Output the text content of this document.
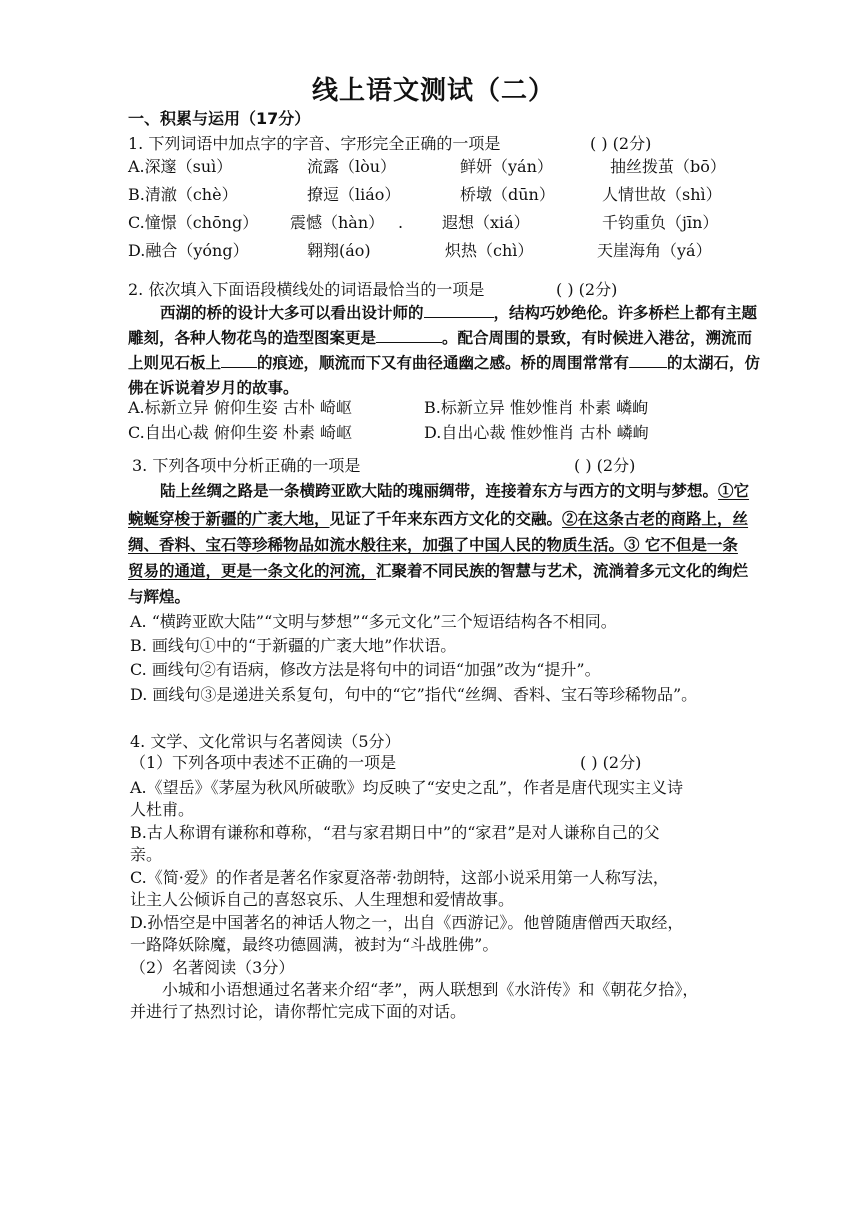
线上语文测试（二）
一、积累与运用（17分）
1. 下列词语中加点字的字音、字形完全正确的一项是	( ) (2分)
A.深邃（suì）	流露（lòu）	鲜妍（yán）	抽丝拨茧（bō）
B.清澈（chè）	撩逗（liáo）	桥墩（dūn）	人情世故（shì）
C.憧憬（chōng） 震憾（hàn） . 遐想（xiá）	千钧重负（jīn）
D.融合（yóng）	翱翔(áo)	炽热（chì）	天崖海角（yá）
2. 依次填入下面语段横线处的词语最恰当的一项是	( ) (2分)
西湖的桥的设计大多可以看出设计师的	，结构巧妙绝伦。许多桥栏上都有主题
雕刻，各种人物花鸟的造型图案更是	。配合周围的景致，有时候进入港岔，溯流而
上则见石板上 的痕迹，顺流而下又有曲径通幽之感。桥的周围常常有 的太湖石，仿
佛在诉说着岁月的故事。
A.标新立异 俯仰生姿 古朴 崎岖	B.标新立异 惟妙惟肖 朴素 嶙峋
C.自出心裁 俯仰生姿 朴素 崎岖	D.自出心裁 惟妙惟肖 古朴 嶙峋
3. 下列各项中分析正确的一项是	( ) (2分)
陆上丝绸之路是一条横跨亚欧大陆的瑰丽绸带，连接着东方与西方的文明与梦想。①它
蜿蜒穿梭于新疆的广袤大地，见证了千年来东西方文化的交融。②在这条古老的商路上，丝
绸、香料、宝石等珍稀物品如流水般往来，加强了中国人民的物质生活。③ 它不但是一条
贸易的通道，更是一条文化的河流，汇聚着不同民族的智慧与艺术，流淌着多元文化的绚烂
与辉煌。
A. “横跨亚欧大陆”“文明与梦想”“多元文化”三个短语结构各不相同。
B. 画线句①中的“于新疆的广袤大地”作状语。
C. 画线句②有语病，修改方法是将句中的词语“加强”改为“提升”。
D. 画线句③是递进关系复句，句中的“它”指代“丝绸、香料、宝石等珍稀物品”。
4. 文学、文化常识与名著阅读（5分）
（1）下列各项中表述不正确的一项是	( ) (2分)
A.《望岳》《茅屋为秋风所破歌》均反映了“安史之乱”，作者是唐代现实主义诗
人杜甫。
B.古人称谓有谦称和尊称，“君与家君期日中”的“家君”是对人谦称自己的父
亲。
C.《简·爱》的作者是著名作家夏洛蒂·勃朗特，这部小说采用第一人称写法，
让主人公倾诉自己的喜怒哀乐、人生理想和爱情故事。
D.孙悟空是中国著名的神话人物之一，出自《西游记》。他曾随唐僧西天取经，
一路降妖除魔，最终功德圆满，被封为“斗战胜佛”。
（2）名著阅读（3分）
小城和小语想通过名著来介绍“孝”，两人联想到《水浒传》和《朝花夕拾》，
并进行了热烈讨论，请你帮忙完成下面的对话。
